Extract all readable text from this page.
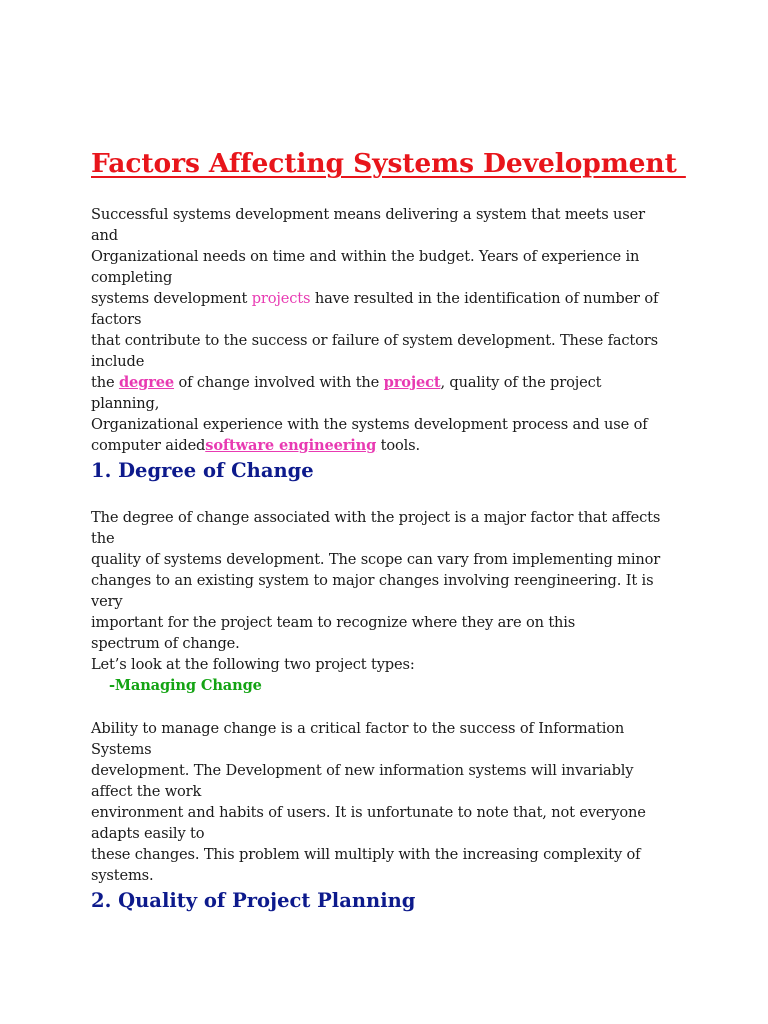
Factors Affecting Systems Development
Successful systems development means delivering a system that meets user
and
Organizational needs on time and within the budget. Years of experience in
completing
systems development projects have resulted in the identification of number of
factors
that contribute to the success or failure of system development. These factors
include
the degree of change involved with the project, quality of the project
planning,
Organizational experience with the systems development process and use of
computer aidedsoftware engineering tools.
1. Degree of Change
The degree of change associated with the project is a major factor that affects
the
quality of systems development. The scope can vary from implementing minor
changes to an existing system to major changes involving reengineering. It is
very
important for the project team to recognize where they are on this
spectrum of change.
Let’s look at the following two project types:
-Managing Change
Ability to manage change is a critical factor to the success of Information
Systems
development. The Development of new information systems will invariably
affect the work
environment and habits of users. It is unfortunate to note that, not everyone
adapts easily to
these changes. This problem will multiply with the increasing complexity of
systems.
2. Quality of Project Planning
